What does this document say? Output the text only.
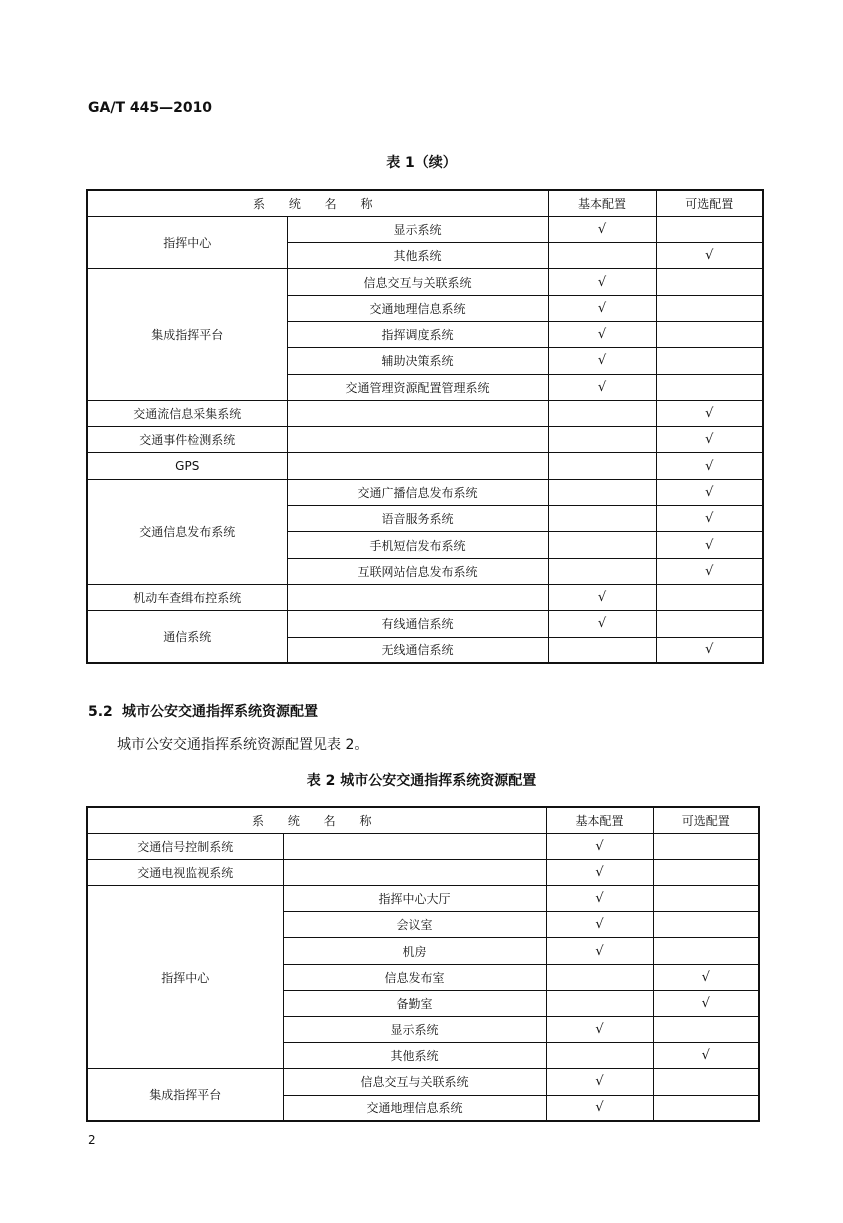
GA/T 445—2010
表 1（续）
系 统 名 称		基本配置	可选配置
指挥中心	显示系统	√	
	其他系统		√
集成指挥平台	信息交互与关联系统	√	
	交通地理信息系统	√	
	指挥调度系统	√	
	辅助决策系统	√	
	交通管理资源配置管理系统	√	
交通流信息采集系统			√
交通事件检测系统			√
GPS			√
交通信息发布系统	交通广播信息发布系统		√
	语音服务系统		√
	手机短信发布系统		√
	互联网站信息发布系统		√
机动车查缉布控系统		√	
通信系统	有线通信系统	√	
	无线通信系统		√
5.2 城市公安交通指挥系统资源配置
城市公安交通指挥系统资源配置见表 2。
表 2 城市公安交通指挥系统资源配置
系 统 名 称		基本配置	可选配置
交通信号控制系统		√	
交通电视监视系统		√	
指挥中心	指挥中心大厅	√	
	会议室	√	
	机房	√	
	信息发布室		√
	备勤室		√
	显示系统	√	
	其他系统		√
集成指挥平台	信息交互与关联系统	√	
	交通地理信息系统	√	
2
